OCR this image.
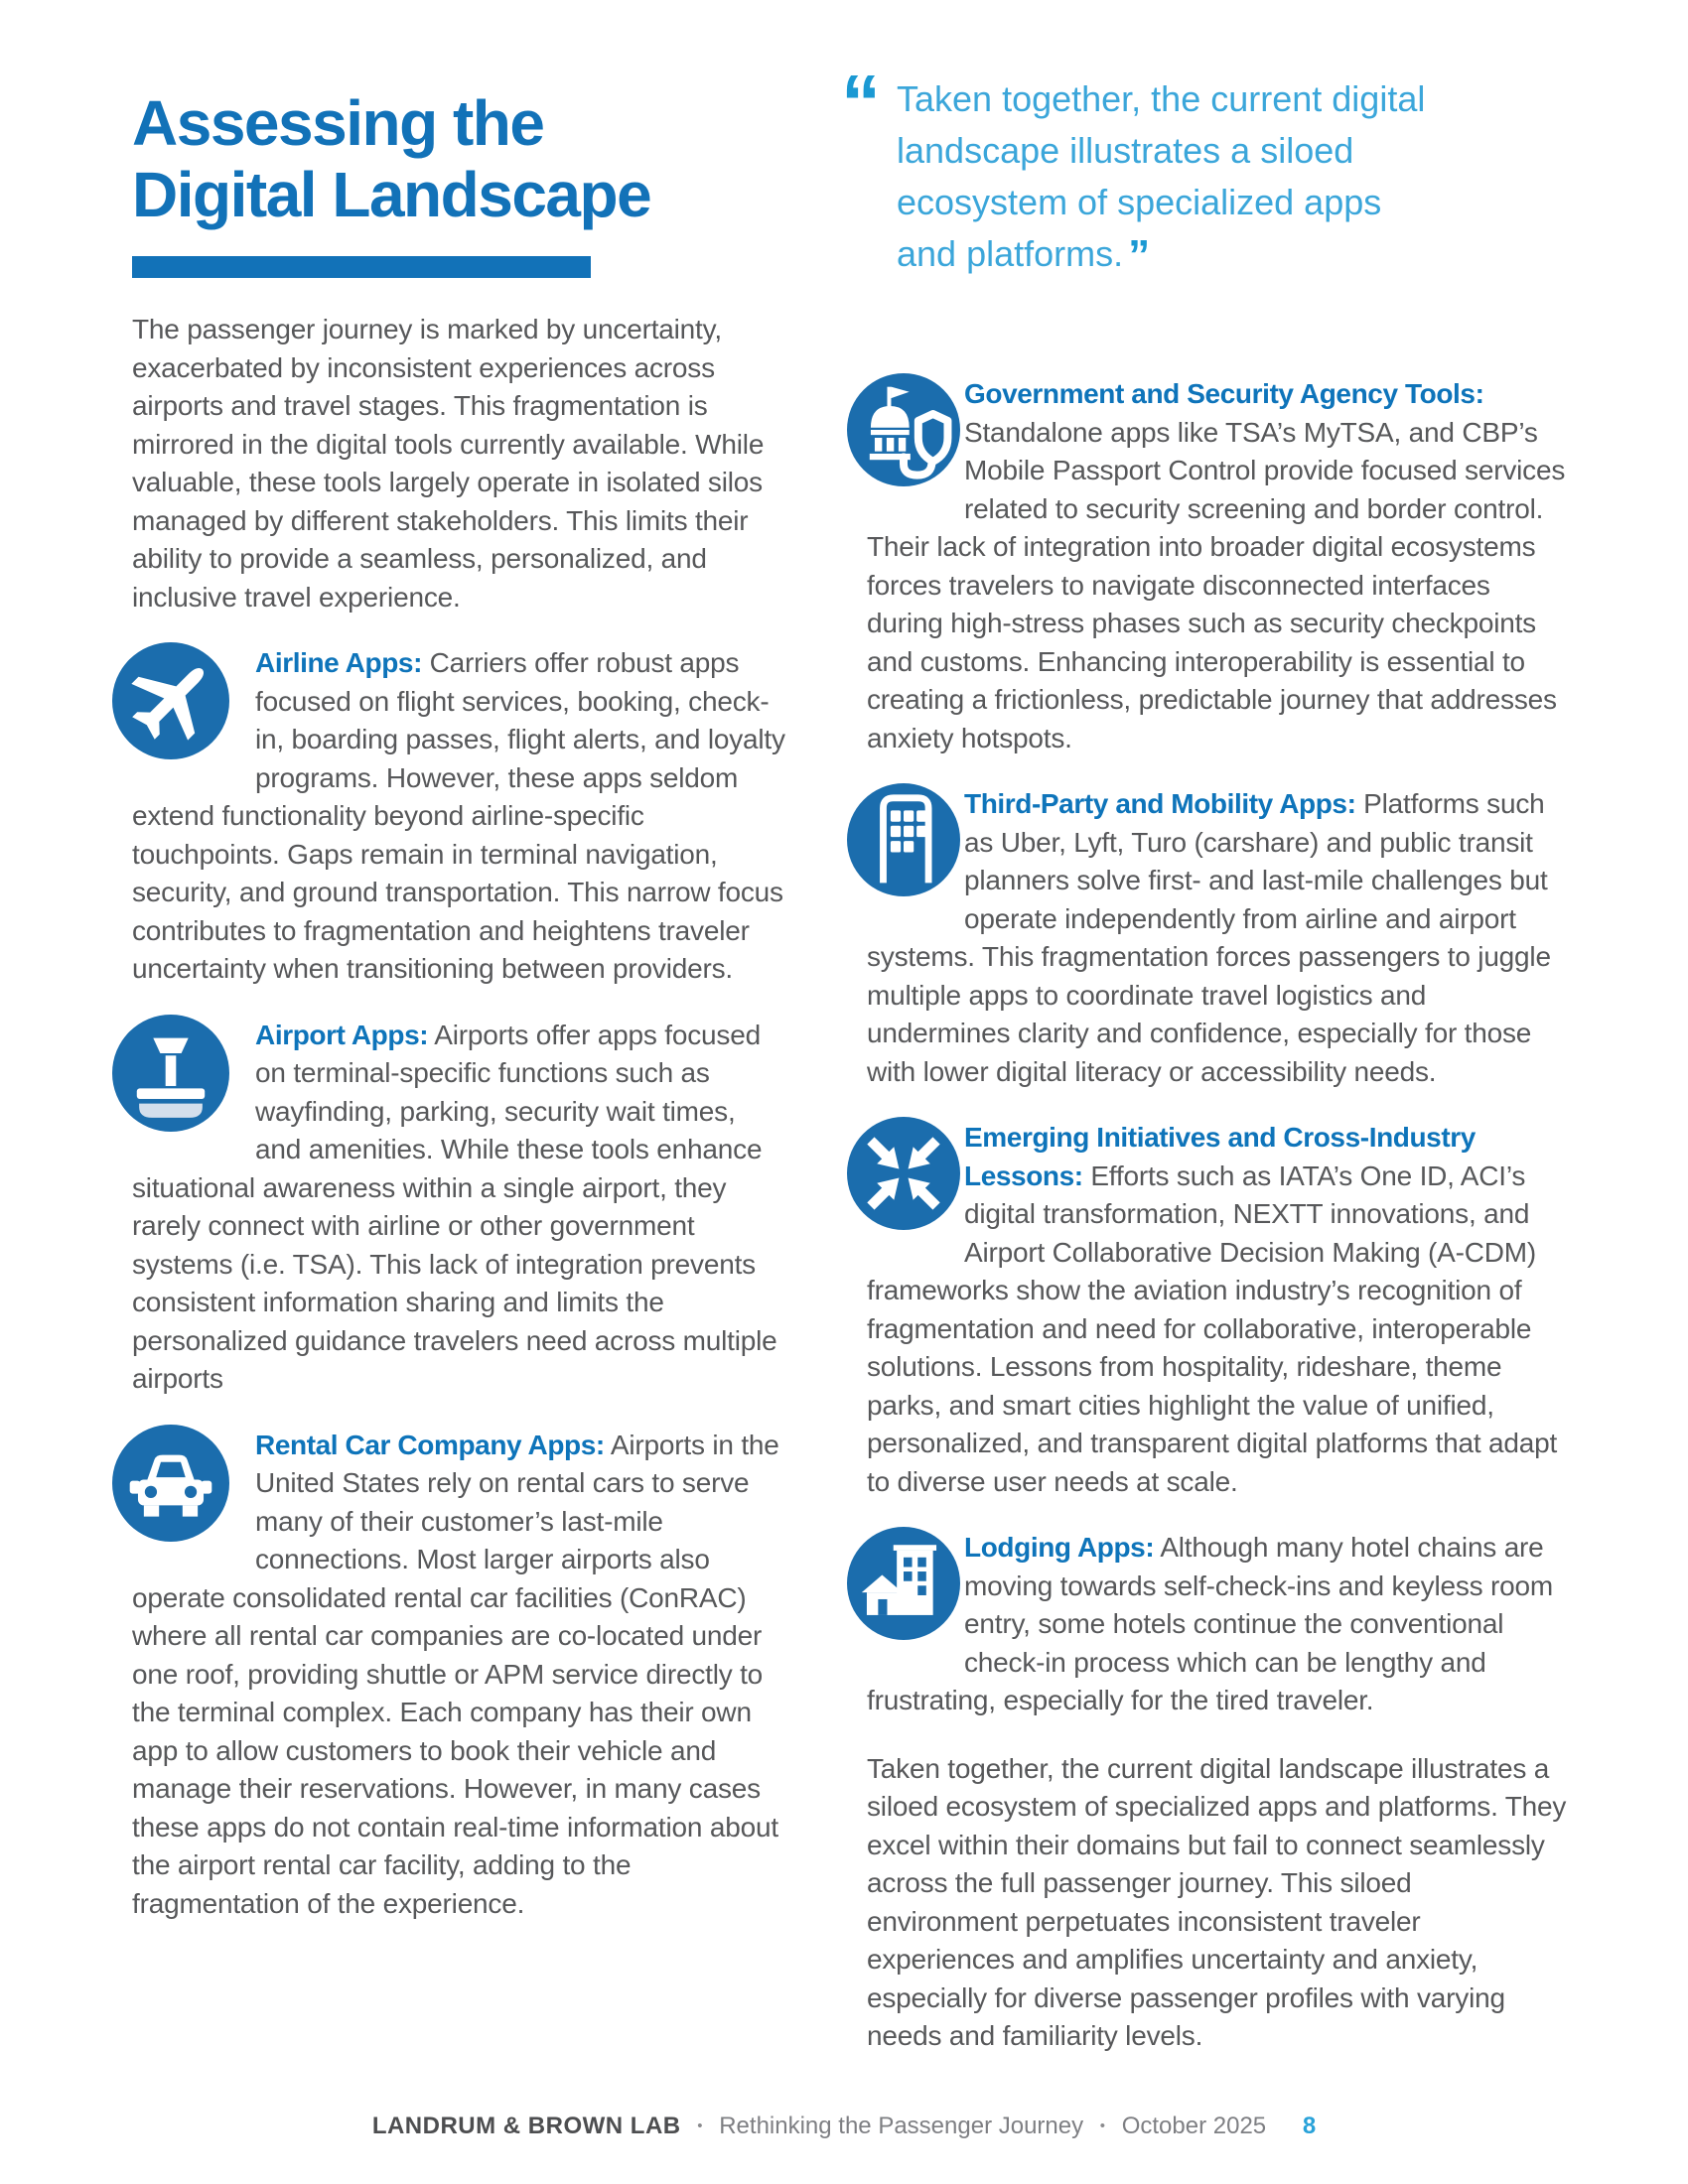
Assessing the
Digital Landscape

The passenger journey is marked by uncertainty, exacerbated by inconsistent experiences across airports and travel stages. This fragmentation is mirrored in the digital tools currently available. While valuable, these tools largely operate in isolated silos managed by different stakeholders. This limits their ability to provide a seamless, personalized, and inclusive travel experience.

Airline Apps: Carriers offer robust apps focused on flight services, booking, check-in, boarding passes, flight alerts, and loyalty programs. However, these apps seldom extend functionality beyond airline-specific touchpoints. Gaps remain in terminal navigation, security, and ground transportation. This narrow focus contributes to fragmentation and heightens traveler uncertainty when transitioning between providers.

Airport Apps: Airports offer apps focused on terminal-specific functions such as wayfinding, parking, security wait times, and amenities. While these tools enhance situational awareness within a single airport, they rarely connect with airline or other government systems (i.e. TSA). This lack of integration prevents consistent information sharing and limits the personalized guidance travelers need across multiple airports

Rental Car Company Apps: Airports in the United States rely on rental cars to serve many of their customer’s last-mile connections. Most larger airports also operate consolidated rental car facilities (ConRAC) where all rental car companies are co-located under one roof, providing shuttle or APM service directly to the terminal complex. Each company has their own app to allow customers to book their vehicle and manage their reservations. However, in many cases these apps do not contain real-time information about the airport rental car facility, adding to the fragmentation of the experience.

“ Taken together, the current digital landscape illustrates a siloed ecosystem of specialized apps and platforms. ”

Government and Security Agency Tools: Standalone apps like TSA’s MyTSA, and CBP’s Mobile Passport Control provide focused services related to security screening and border control. Their lack of integration into broader digital ecosystems forces travelers to navigate disconnected interfaces during high-stress phases such as security checkpoints and customs. Enhancing interoperability is essential to creating a frictionless, predictable journey that addresses anxiety hotspots.

Third-Party and Mobility Apps: Platforms such as Uber, Lyft, Turo (carshare) and public transit planners solve first- and last-mile challenges but operate independently from airline and airport systems. This fragmentation forces passengers to juggle multiple apps to coordinate travel logistics and undermines clarity and confidence, especially for those with lower digital literacy or accessibility needs.

Emerging Initiatives and Cross-Industry Lessons: Efforts such as IATA’s One ID, ACI’s digital transformation, NEXTT innovations, and Airport Collaborative Decision Making (A-CDM) frameworks show the aviation industry’s recognition of fragmentation and need for collaborative, interoperable solutions. Lessons from hospitality, rideshare, theme parks, and smart cities highlight the value of unified, personalized, and transparent digital platforms that adapt to diverse user needs at scale.

Lodging Apps: Although many hotel chains are moving towards self-check-ins and keyless room entry, some hotels continue the conventional check-in process which can be lengthy and frustrating, especially for the tired traveler.

Taken together, the current digital landscape illustrates a siloed ecosystem of specialized apps and platforms. They excel within their domains but fail to connect seamlessly across the full passenger journey. This siloed environment perpetuates inconsistent traveler experiences and amplifies uncertainty and anxiety, especially for diverse passenger profiles with varying needs and familiarity levels.

LANDRUM & BROWN LAB • Rethinking the Passenger Journey • October 2025 8
